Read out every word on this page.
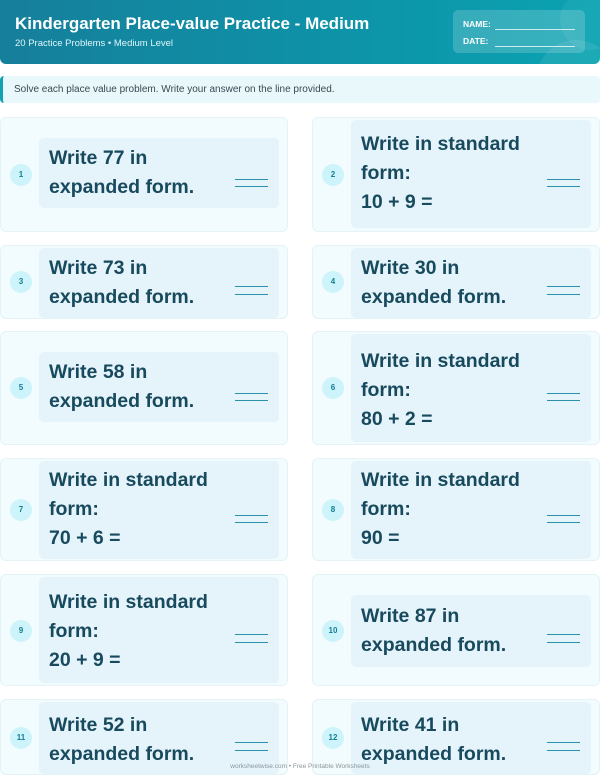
Kindergarten Place-value Practice - Medium
20 Practice Problems • Medium Level
NAME:
DATE:
Solve each place value problem. Write your answer on the line provided.
1
Write 77 in
expanded form.
2
Write in standard
form:
10 + 9 =
3
Write 73 in
expanded form.
4
Write 30 in
expanded form.
5
Write 58 in
expanded form.
6
Write in standard
form:
80 + 2 =
7
Write in standard
form:
70 + 6 =
8
Write in standard
form:
90 =
9
Write in standard
form:
20 + 9 =
10
Write 87 in
expanded form.
11
Write 52 in
expanded form.
12
Write 41 in
expanded form.
worksheetwise.com • Free Printable Worksheets
